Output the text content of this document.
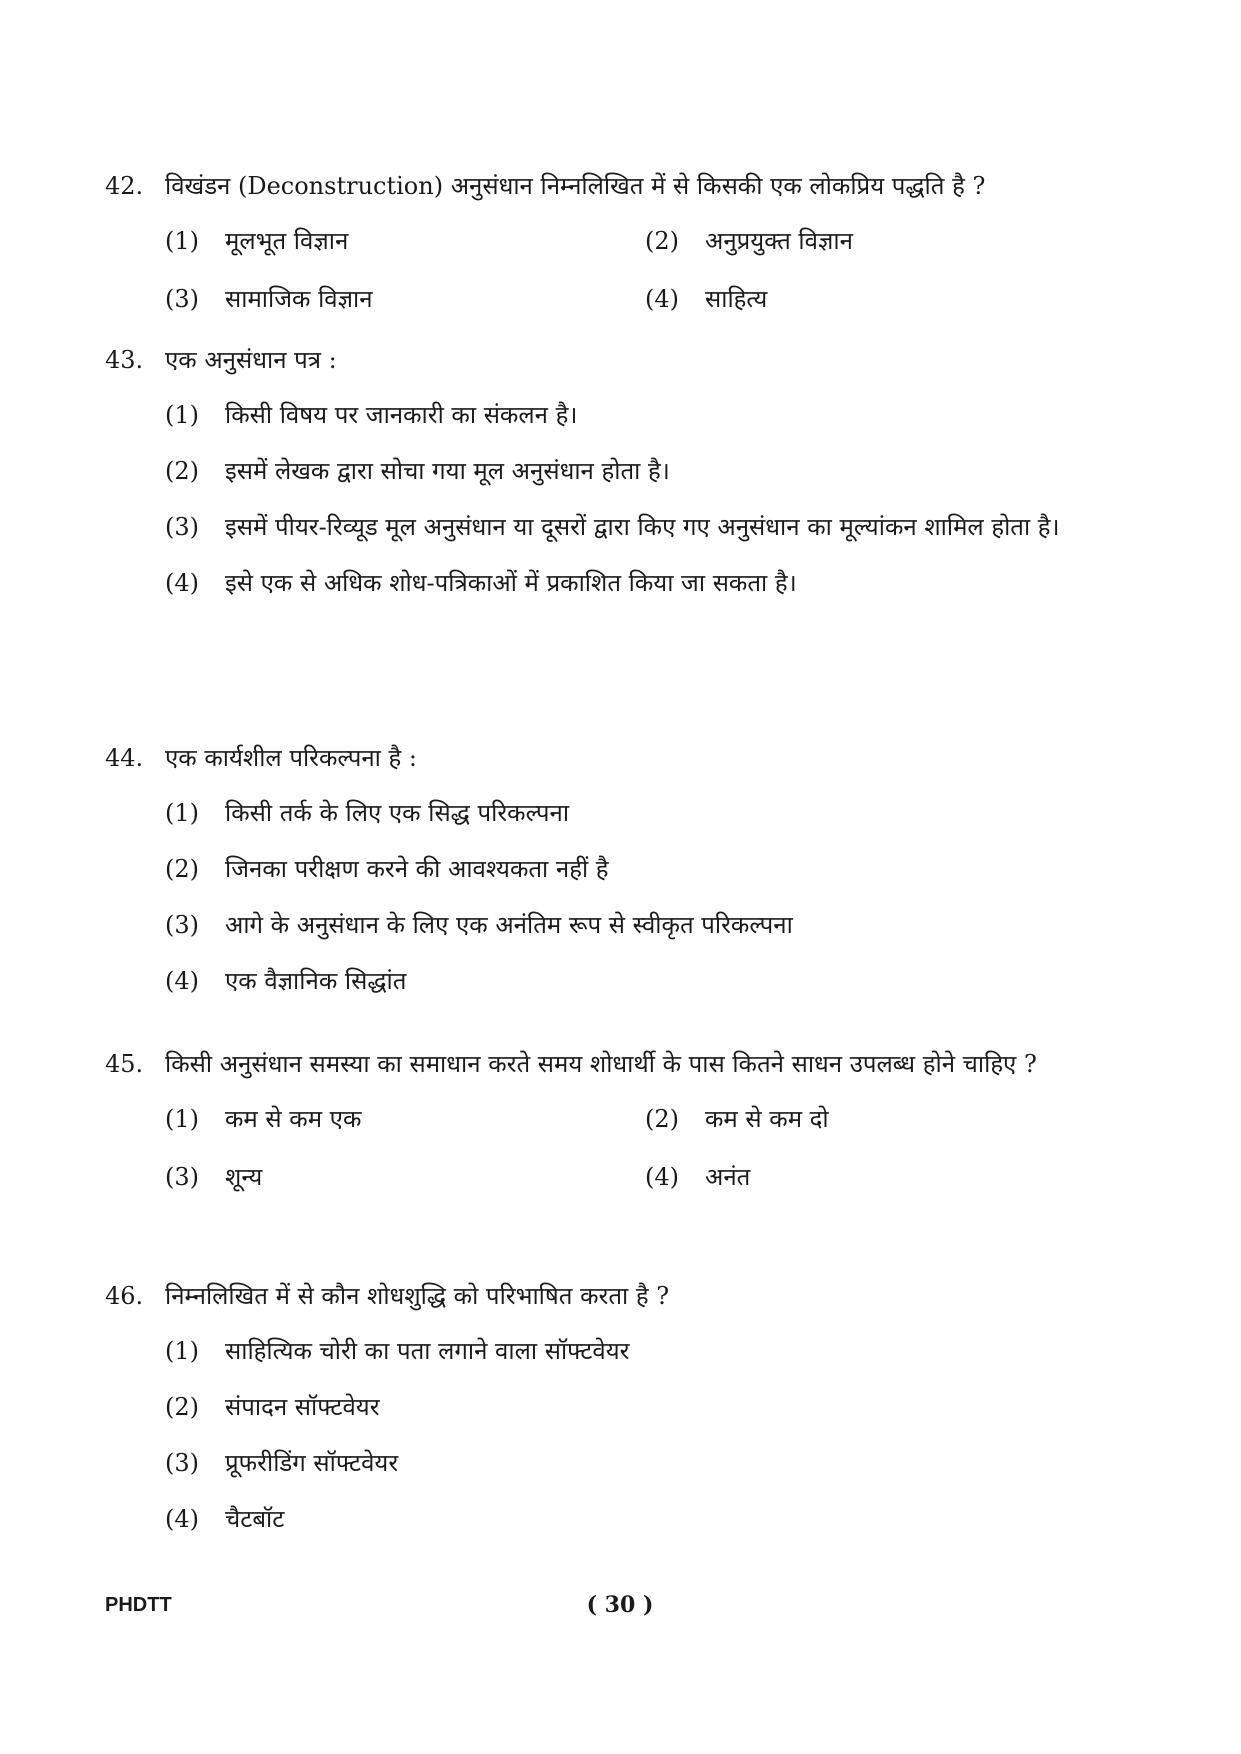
42. विखंडन (Deconstruction) अनुसंधान निम्नलिखित में से किसकी एक लोकप्रिय पद्धति है ?
(1)	मूलभूत विज्ञान	(2)	अनुप्रयुक्त विज्ञान
(3)	सामाजिक विज्ञान	(4)	साहित्य
43. एक अनुसंधान पत्र :
(1)	किसी विषय पर जानकारी का संकलन है।
(2)	इसमें लेखक द्वारा सोचा गया मूल अनुसंधान होता है।
(3)	इसमें पीयर-रिव्यूड मूल अनुसंधान या दूसरों द्वारा किए गए अनुसंधान का मूल्यांकन शामिल होता है।
(4)	इसे एक से अधिक शोध-पत्रिकाओं में प्रकाशित किया जा सकता है।
44. एक कार्यशील परिकल्पना है :
(1)	किसी तर्क के लिए एक सिद्ध परिकल्पना
(2)	जिनका परीक्षण करने की आवश्यकता नहीं है
(3)	आगे के अनुसंधान के लिए एक अनंतिम रूप से स्वीकृत परिकल्पना
(4)	एक वैज्ञानिक सिद्धांत
45. किसी अनुसंधान समस्या का समाधान करते समय शोधार्थी के पास कितने साधन उपलब्ध होने चाहिए ?
(1)	कम से कम एक	(2)	कम से कम दो
(3)	शून्य	(4)	अनंत
46. निम्नलिखित में से कौन शोधशुद्धि को परिभाषित करता है ?
(1)	साहित्यिक चोरी का पता लगाने वाला सॉफ्टवेयर
(2)	संपादन सॉफ्टवेयर
(3)	प्रूफरीडिंग सॉफ्टवेयर
(4)	चैटबॉट
PHDTT	( 30 )
